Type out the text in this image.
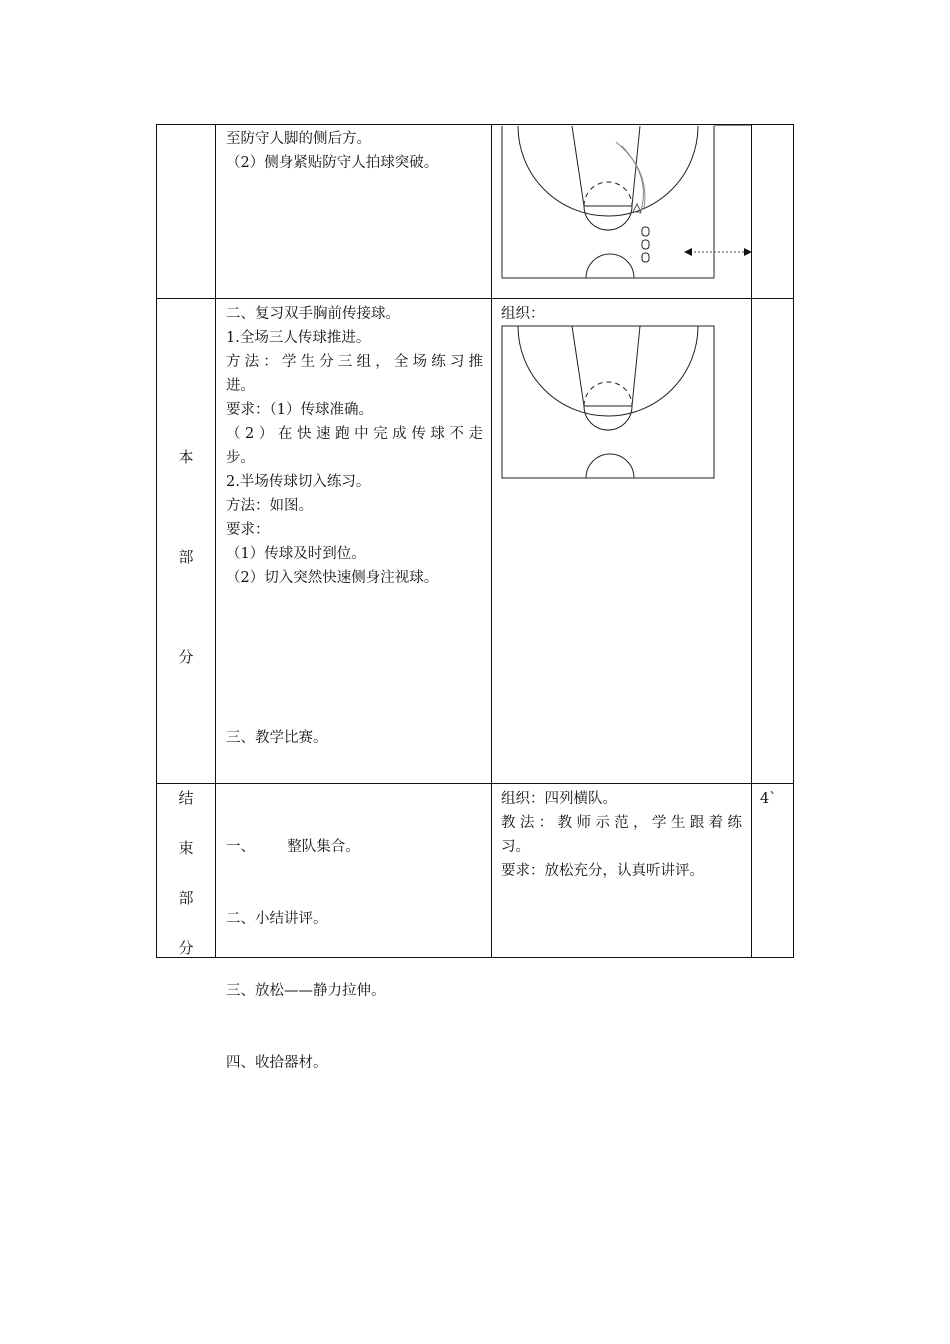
至防守人脚的侧后方。
（2）侧身紧贴防守人拍球突破。
本
部
分
二、复习双手胸前传接球。
1.全场三人传球推进。
方法：学生分三组，全场练习推
进。
要求：（1）传球准确。
（2）在快速跑中完成传球不走
步。
2.半场传球切入练习。
方法：如图。
要求：
（1）传球及时到位。
（2）切入突然快速侧身注视球。
三、教学比赛。
组织：
结
束
部
分

一、       整队集合。

二、小结讲评。

三、放松——静力拉伸。

四、收拾器材。

组织：四列横队。
教法：教师示范，学生跟着练
习。
要求：放松充分，认真听讲评。
4`
